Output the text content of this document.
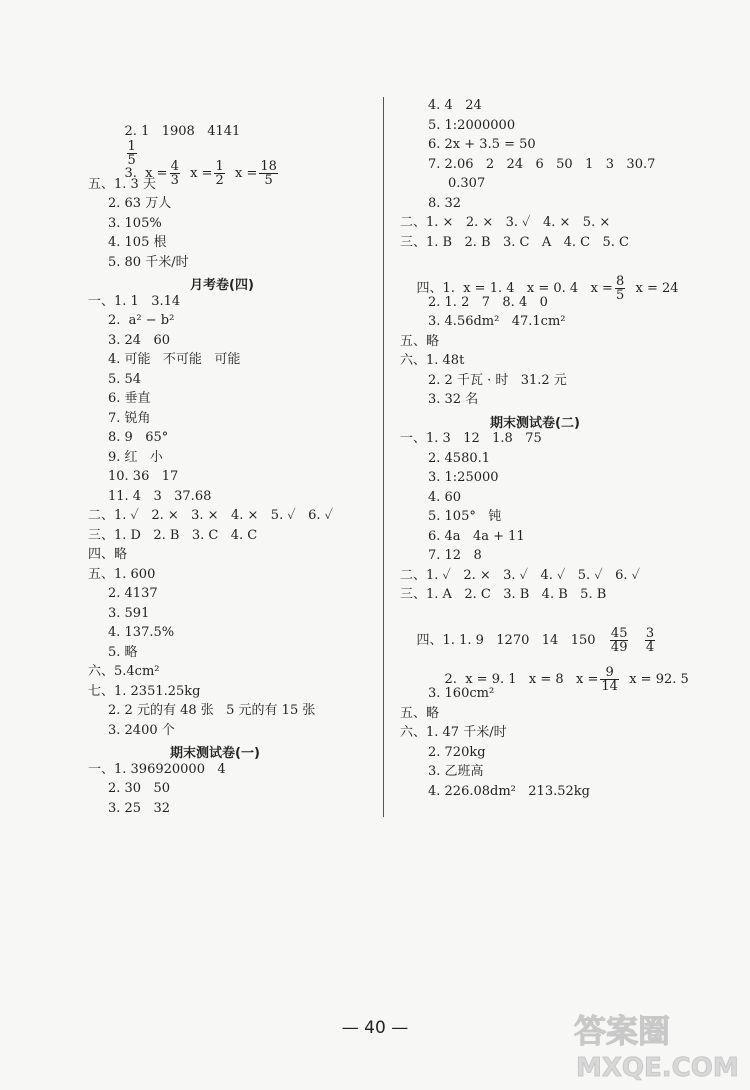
2. 1   1908   4141

$\frac{1}{5}$

3.  $x = \frac{4}{3}$ $x = \frac{1}{2}$ $x = \frac{18}{5}$

五、1. 3 天
2. 63 万人
3. 105%
4. 105 根
5. 80 千米/时
月考卷(四)
一、1. 1   3.14
2.  a² − b²
3. 24   60
4. 可能   不可能   可能
5. 54
6. 垂直
7. 锐角
8. 9   65°
9. 红   小
10. 36   17
11. 4   3   37.68
二、1. ✓   2. ×   3. ×   4. ×   5. ✓   6. ✓
三、1. D   2. B   3. C   4. C
四、略
五、1. 600
2. 4137
3. 591
4. 137.5%
5. 略
六、5.4cm²
七、1. 2351.25kg
2. 2 元的有 48 张   5 元的有 15 张
3. 2400 个
期末测试卷(一)
一、1. 396920000   4
2. 30   50
3. 25   32
4. 4   24
5. 1:2000000
6. 2x + 3.5 = 50
7. 2.06   2   24   6   50   1   3   30.7
0.307
8. 32
二、1. ×   2. ×   3. ✓   4. ×   5. ×
三、1. B   2. B   3. C   A   4. C   5. C

四、1.  x = 1. 4   x = 0. 4   $x = \frac{8}{5}$ x = 24

2. 1. 2   7   8. 4   0
3. 4.56dm²   47.1cm²
五、略
六、1. 48t
2. 2 千瓦 · 时   31.2 元
3. 32 名
期末测试卷(二)
一、1. 3   12   1.8   75
2. 4580.1
3. 1:25000
4. 60
5. 105°   钝
6. 4a   4a + 11
7. 12   8
二、1. ✓   2. ×   3. ✓   4. ✓   5. ✓   6. ✓
三、1. A   2. C   3. B   4. B   5. B

四、1. 1. 9   1270   14   $150 \frac{45}{49}$
$\frac{3}{4}$

2.  x = 9. 1   x = 8   $x = \frac{9}{14}$ x = 92. 5

3. 160cm²
五、略
六、1. 47 千米/时
2. 720kg
3. 乙班高
4. 226.08dm²   213.52kg
— 40 —	答案圈
MXQE.COM
